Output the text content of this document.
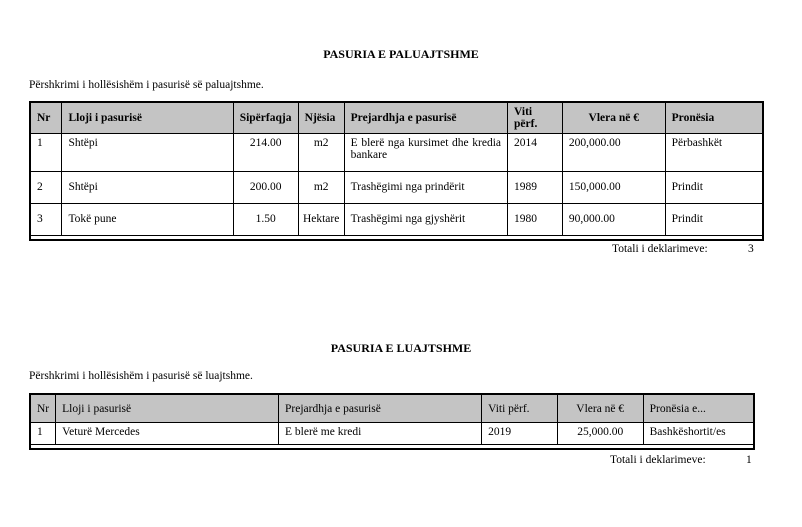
PASURIA E PALUAJTSHME
Përshkrimi i hollësishëm i pasurisë së paluajtshme.
Nr	Lloji i pasurisë	Sipërfaqja	Njësia	Prejardhja e pasurisë	Viti përf.	Vlera në €	Pronësia
1	Shtëpi	214.00	m2	E blerë nga kursimet dhe kredia bankare	2014	200,000.00	Përbashkët
2	Shtëpi	200.00	m2	Trashëgimi nga prindërit	1989	150,000.00	Prindit
3	Tokë pune	1.50	Hektare	Trashëgimi nga gjyshërit	1980	90,000.00	Prindit

Totali i deklarimeve:	3
PASURIA E LUAJTSHME
Përshkrimi i hollësishëm i pasurisë së luajtshme.
Nr	Lloji i pasurisë	Prejardhja e pasurisë	Viti përf.	Vlera në €	Pronësia e...
1	Veturë Mercedes	E blerë me kredi	2019	25,000.00	Bashkëshortit/es

Totali i deklarimeve:	1
